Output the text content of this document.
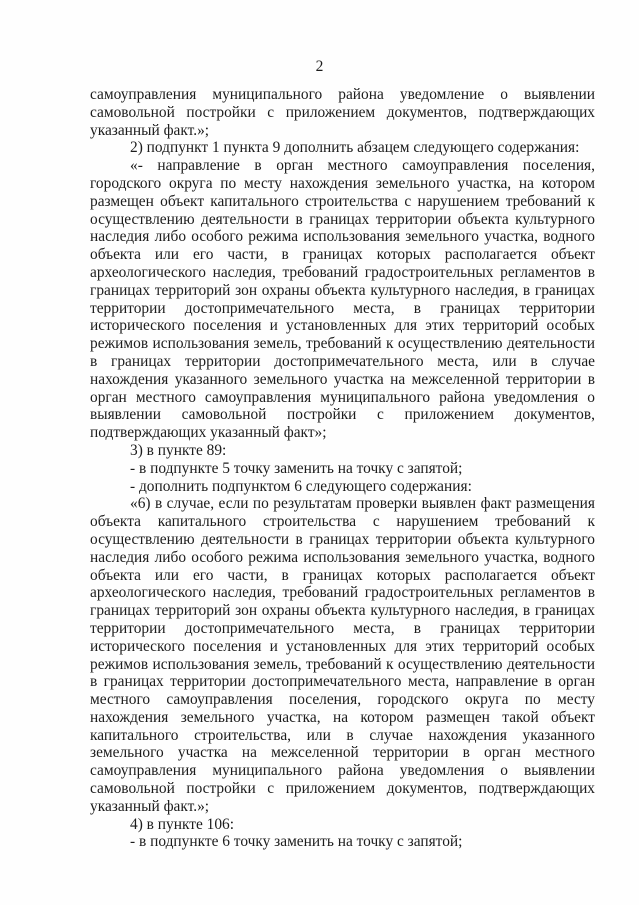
2

самоуправления муниципального района уведомление о выявлении самовольной постройки с приложением документов, подтверждающих указанный факт.»;

2) подпункт 1 пункта 9 дополнить абзацем следующего содержания:

«- направление в орган местного самоуправления поселения, городского округа по месту нахождения земельного участка, на котором размещен объект капитального строительства с нарушением требований к осуществлению деятельности в границах территории объекта культурного наследия либо особого режима использования земельного участка, водного объекта или его части, в границах которых располагается объект археологического наследия, требований градостроительных регламентов в границах территорий зон охраны объекта культурного наследия, в границах территории достопримечательного места, в границах территории исторического поселения и установленных для этих территорий особых режимов использования земель, требований к осуществлению деятельности в границах территории достопримечательного места, или в случае нахождения указанного земельного участка на межселенной территории в орган местного самоуправления муниципального района уведомления о выявлении самовольной постройки с приложением документов, подтверждающих указанный факт»;

3) в пункте 89:

- в подпункте 5 точку заменить на точку с запятой;

- дополнить подпунктом 6 следующего содержания:

«6) в случае, если по результатам проверки выявлен факт размещения объекта капитального строительства с нарушением требований к осуществлению деятельности в границах территории объекта культурного наследия либо особого режима использования земельного участка, водного объекта или его части, в границах которых располагается объект археологического наследия, требований градостроительных регламентов в границах территорий зон охраны объекта культурного наследия, в границах территории достопримечательного места, в границах территории исторического поселения и установленных для этих территорий особых режимов использования земель, требований к осуществлению деятельности в границах территории достопримечательного места, направление в орган местного самоуправления поселения, городского округа по месту нахождения земельного участка, на котором размещен такой объект капитального строительства, или в случае нахождения указанного земельного участка на межселенной территории в орган местного самоуправления муниципального района уведомления о выявлении самовольной постройки с приложением документов, подтверждающих указанный факт.»;

4) в пункте 106:

- в подпункте 6 точку заменить на точку с запятой;
